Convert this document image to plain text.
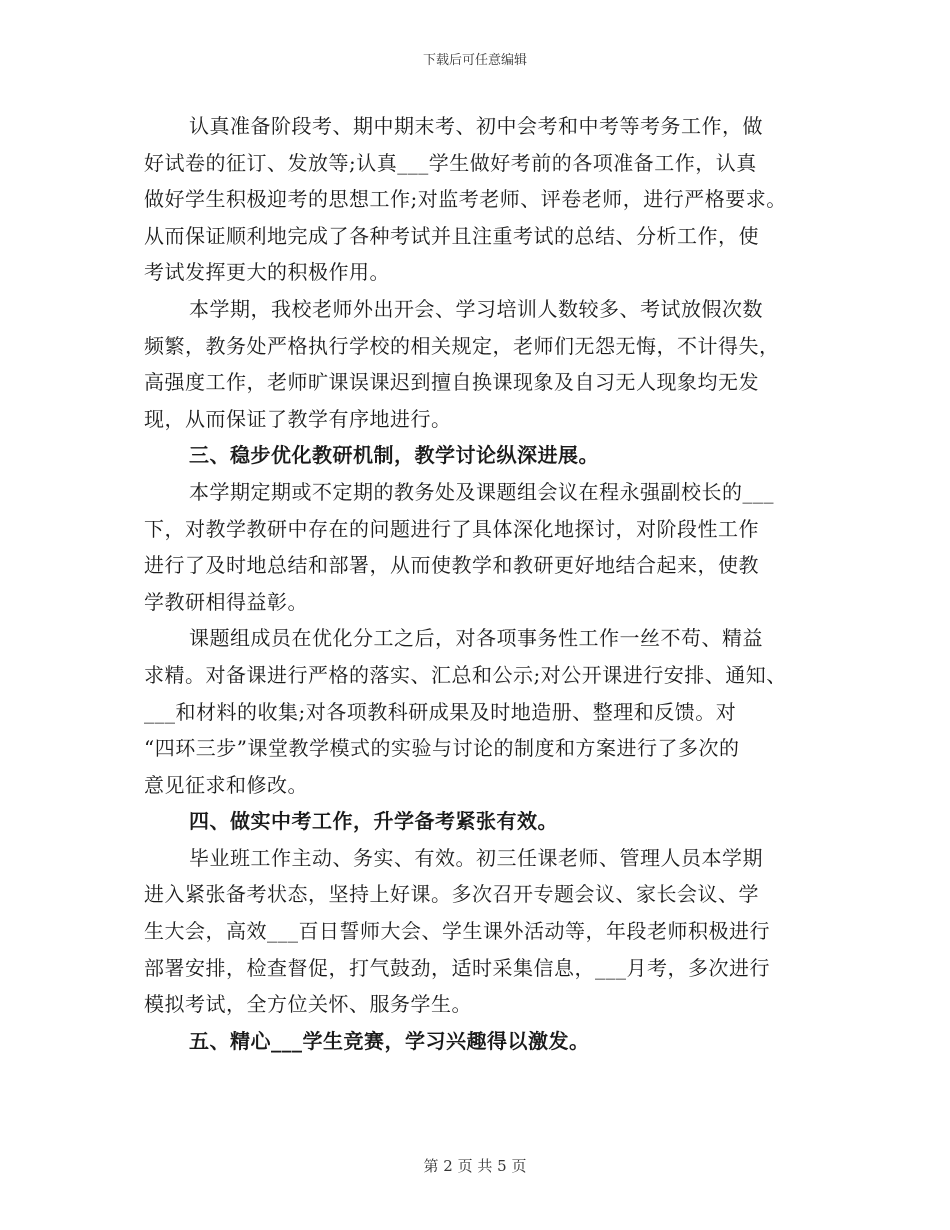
下载后可任意编辑
认真准备阶段考、期中期末考、初中会考和中考等考务工作，做
好试卷的征订、发放等;认真___学生做好考前的各项准备工作，认真
做好学生积极迎考的思想工作;对监考老师、评卷老师，进行严格要求。
从而保证顺利地完成了各种考试并且注重考试的总结、分析工作，使
考试发挥更大的积极作用。
本学期，我校老师外出开会、学习培训人数较多、考试放假次数
频繁，教务处严格执行学校的相关规定，老师们无怨无悔，不计得失，
高强度工作，老师旷课误课迟到擅自换课现象及自习无人现象均无发
现，从而保证了教学有序地进行。
三、稳步优化教研机制，教学讨论纵深进展。
本学期定期或不定期的教务处及课题组会议在程永强副校长的___
下，对教学教研中存在的问题进行了具体深化地探讨，对阶段性工作
进行了及时地总结和部署，从而使教学和教研更好地结合起来，使教
学教研相得益彰。
课题组成员在优化分工之后，对各项事务性工作一丝不苟、精益
求精。对备课进行严格的落实、汇总和公示;对公开课进行安排、通知、
___和材料的收集;对各项教科研成果及时地造册、整理和反馈。对
“四环三步”课堂教学模式的实验与讨论的制度和方案进行了多次的
意见征求和修改。
四、做实中考工作，升学备考紧张有效。
毕业班工作主动、务实、有效。初三任课老师、管理人员本学期
进入紧张备考状态，坚持上好课。多次召开专题会议、家长会议、学
生大会，高效___百日誓师大会、学生课外活动等，年段老师积极进行
部署安排，检查督促，打气鼓劲，适时采集信息，___月考，多次进行
模拟考试，全方位关怀、服务学生。
五、精心___学生竞赛，学习兴趣得以激发。
第 2 页 共 5 页
